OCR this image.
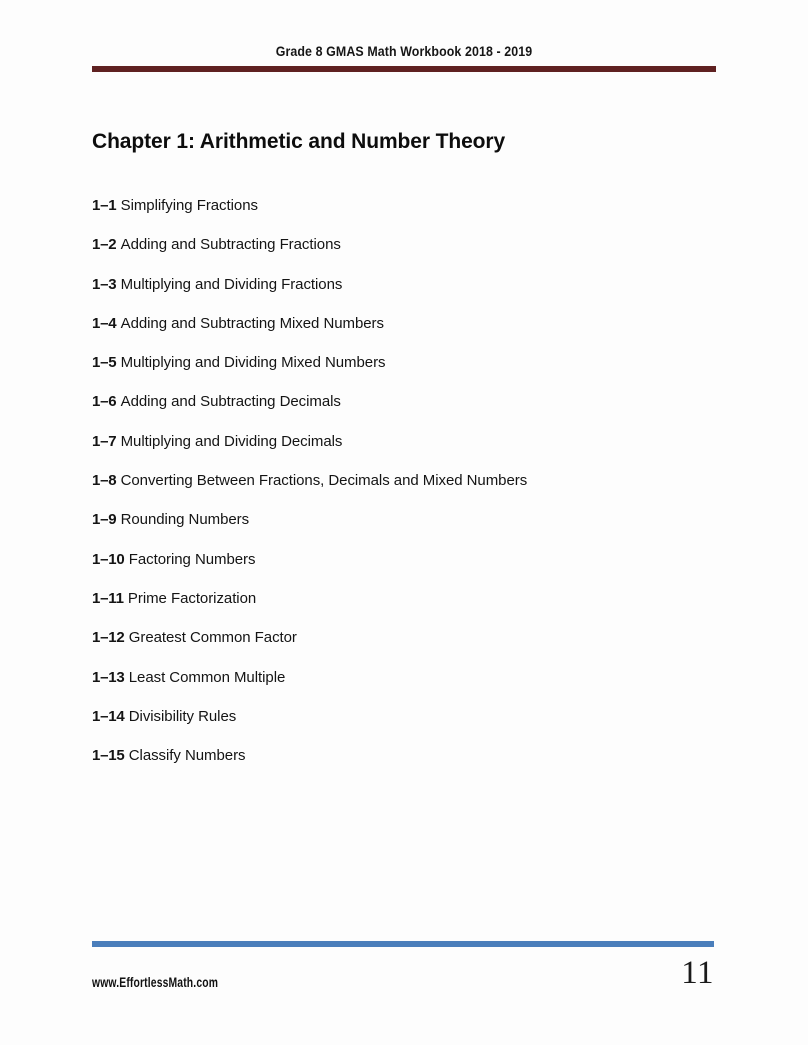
Grade 8 GMAS Math Workbook 2018 - 2019
Chapter 1: Arithmetic and Number Theory
1–1 Simplifying Fractions
1–2 Adding and Subtracting Fractions
1–3 Multiplying and Dividing Fractions
1–4 Adding and Subtracting Mixed Numbers
1–5 Multiplying and Dividing Mixed Numbers
1–6 Adding and Subtracting Decimals
1–7 Multiplying and Dividing Decimals
1–8 Converting Between Fractions, Decimals and Mixed Numbers
1–9 Rounding Numbers
1–10 Factoring Numbers
1–11 Prime Factorization
1–12 Greatest Common Factor
1–13 Least Common Multiple
1–14 Divisibility Rules
1–15 Classify Numbers
www.EffortlessMath.com	11
